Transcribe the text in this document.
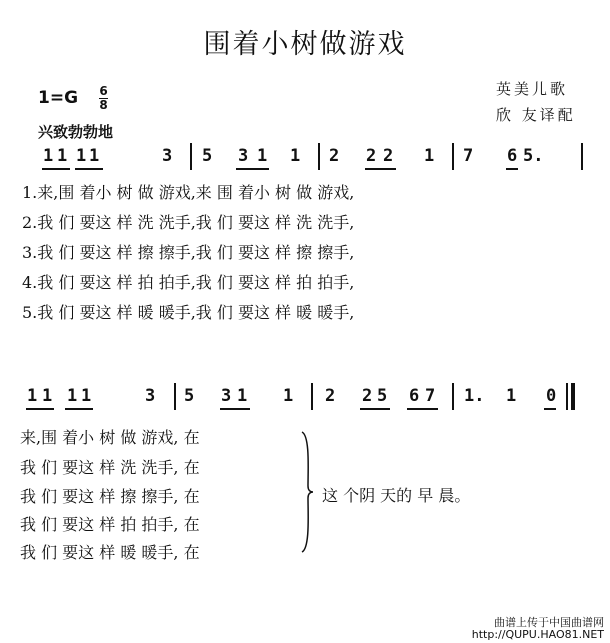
围着小树做游戏
1=G 6
8
兴致勃勃地
英美儿歌
欣 友译配
1 1 1 1	3 5 3 1 1 2 2 2 1 7 6 5.
1.来,围 着小 树 做 游戏,来 围 着小 树 做 游戏,
2.我 们 要这 样 洗 洗手,我 们 要这 样 洗 洗手,
3.我 们 要这 样 擦 擦手,我 们 要这 样 擦 擦手,
4.我 们 要这 样 拍 拍手,我 们 要这 样 拍 拍手,
5.我 们 要这 样 暖 暖手,我 们 要这 样 暖 暖手,
1 1 1 1	3 5 3 1 1 2 2 5 6 7 1. 1 0
来,围 着小 树 做 游戏, 在
我 们 要这 样 洗 洗手, 在
我 们 要这 样 擦 擦手, 在
我 们 要这 样 拍 拍手, 在
我 们 要这 样 暖 暖手, 在
这 个阴 天的 早 晨。
曲谱上传于中国曲谱网
http://QUPU.HAO81.NET
